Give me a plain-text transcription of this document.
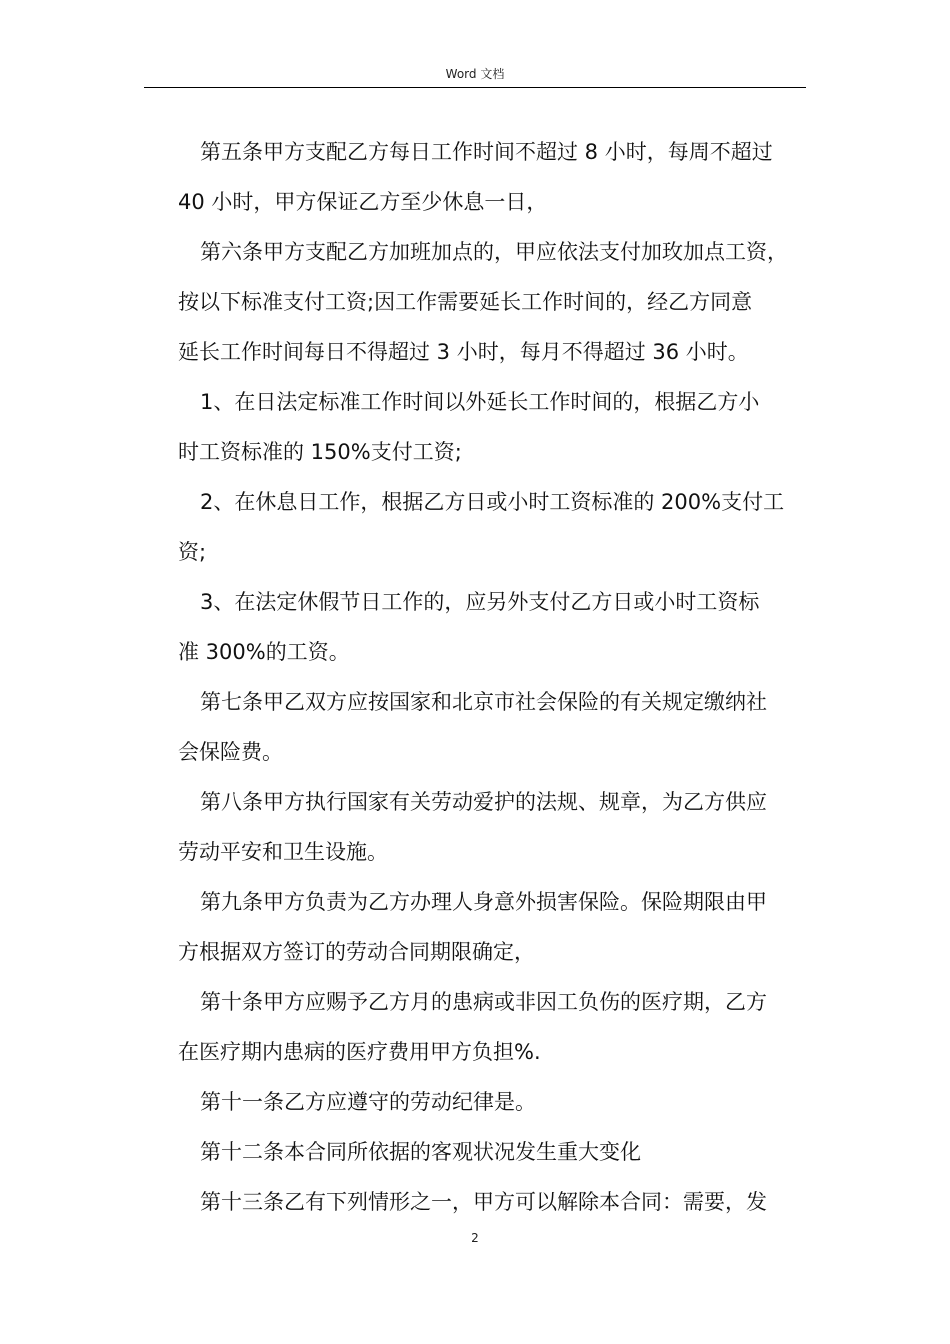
Word 文档
第五条甲方支配乙方每日工作时间不超过 8 小时，每周不超过
40 小时，甲方保证乙方至少休息一日，
第六条甲方支配乙方加班加点的，甲应依法支付加玫加点工资，
按以下标准支付工资;因工作需要延长工作时间的，经乙方同意
延长工作时间每日不得超过 3 小时，每月不得超过 36 小时。
1、在日法定标准工作时间以外延长工作时间的，根据乙方小
时工资标准的 150%支付工资;
2、在休息日工作，根据乙方日或小时工资标准的 200%支付工
资;
3、在法定休假节日工作的，应另外支付乙方日或小时工资标
准 300%的工资。
第七条甲乙双方应按国家和北京市社会保险的有关规定缴纳社
会保险费。
第八条甲方执行国家有关劳动爱护的法规、规章，为乙方供应
劳动平安和卫生设施。
第九条甲方负责为乙方办理人身意外损害保险。保险期限由甲
方根据双方签订的劳动合同期限确定，
第十条甲方应赐予乙方月的患病或非因工负伤的医疗期，乙方
在医疗期内患病的医疗费用甲方负担%.
第十一条乙方应遵守的劳动纪律是。
第十二条本合同所依据的客观状况发生重大变化
第十三条乙有下列情形之一，甲方可以解除本合同：需要，发
2
